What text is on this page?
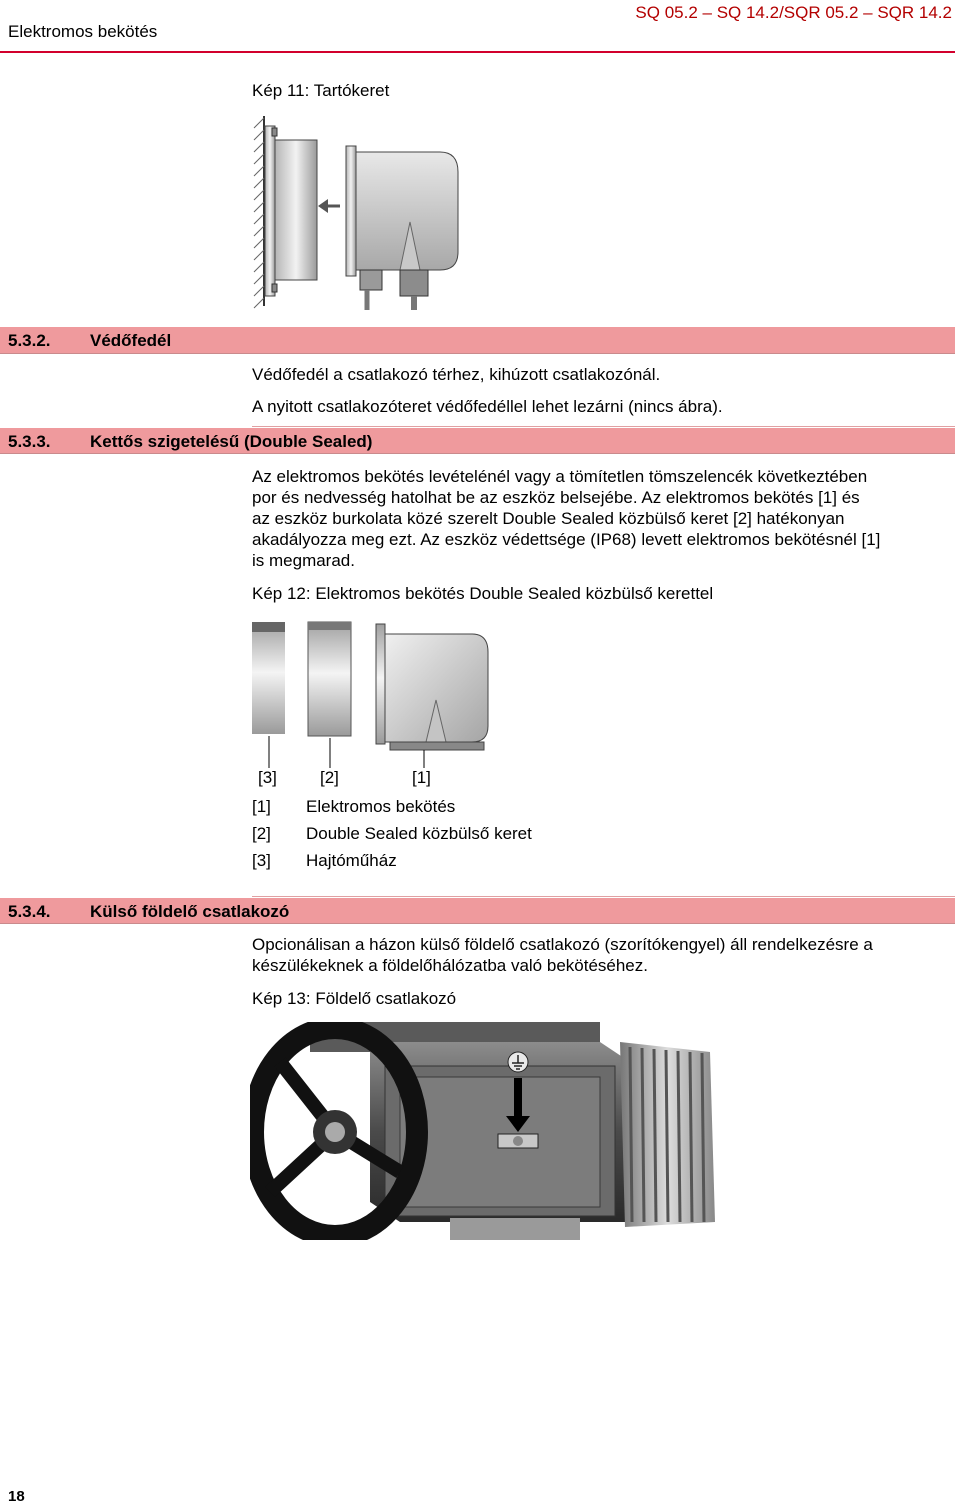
Elektromos bekötés
SQ 05.2 – SQ 14.2/SQR 05.2 – SQR 14.2
Kép 11: Tartókeret
5.3.2. Védőfedél
Védőfedél a csatlakozó térhez, kihúzott csatlakozónál.
A nyitott csatlakozóteret védőfedéllel lehet lezárni (nincs ábra).
5.3.3. Kettős szigetelésű (Double Sealed)
Az elektromos bekötés levételénél vagy a tömítetlen tömszelencék következtében
por és nedvesség hatolhat be az eszköz belsejébe. Az elektromos bekötés [1] és
az eszköz burkolata közé szerelt Double Sealed közbülső keret [2] hatékonyan
akadályozza meg ezt. Az eszköz védettsége (IP68) levett elektromos bekötésnél [1]
is megmarad.
Kép 12: Elektromos bekötés Double Sealed közbülső kerettel
[3]	[2]	[1]
[1] Elektromos bekötés
[2] Double Sealed közbülső keret
[3] Hajtóműház
5.3.4. Külső földelő csatlakozó
Opcionálisan a házon külső földelő csatlakozó (szorítókengyel) áll rendelkezésre a
készülékeknek a földelőhálózatba való bekötéséhez.
Kép 13: Földelő csatlakozó
18
